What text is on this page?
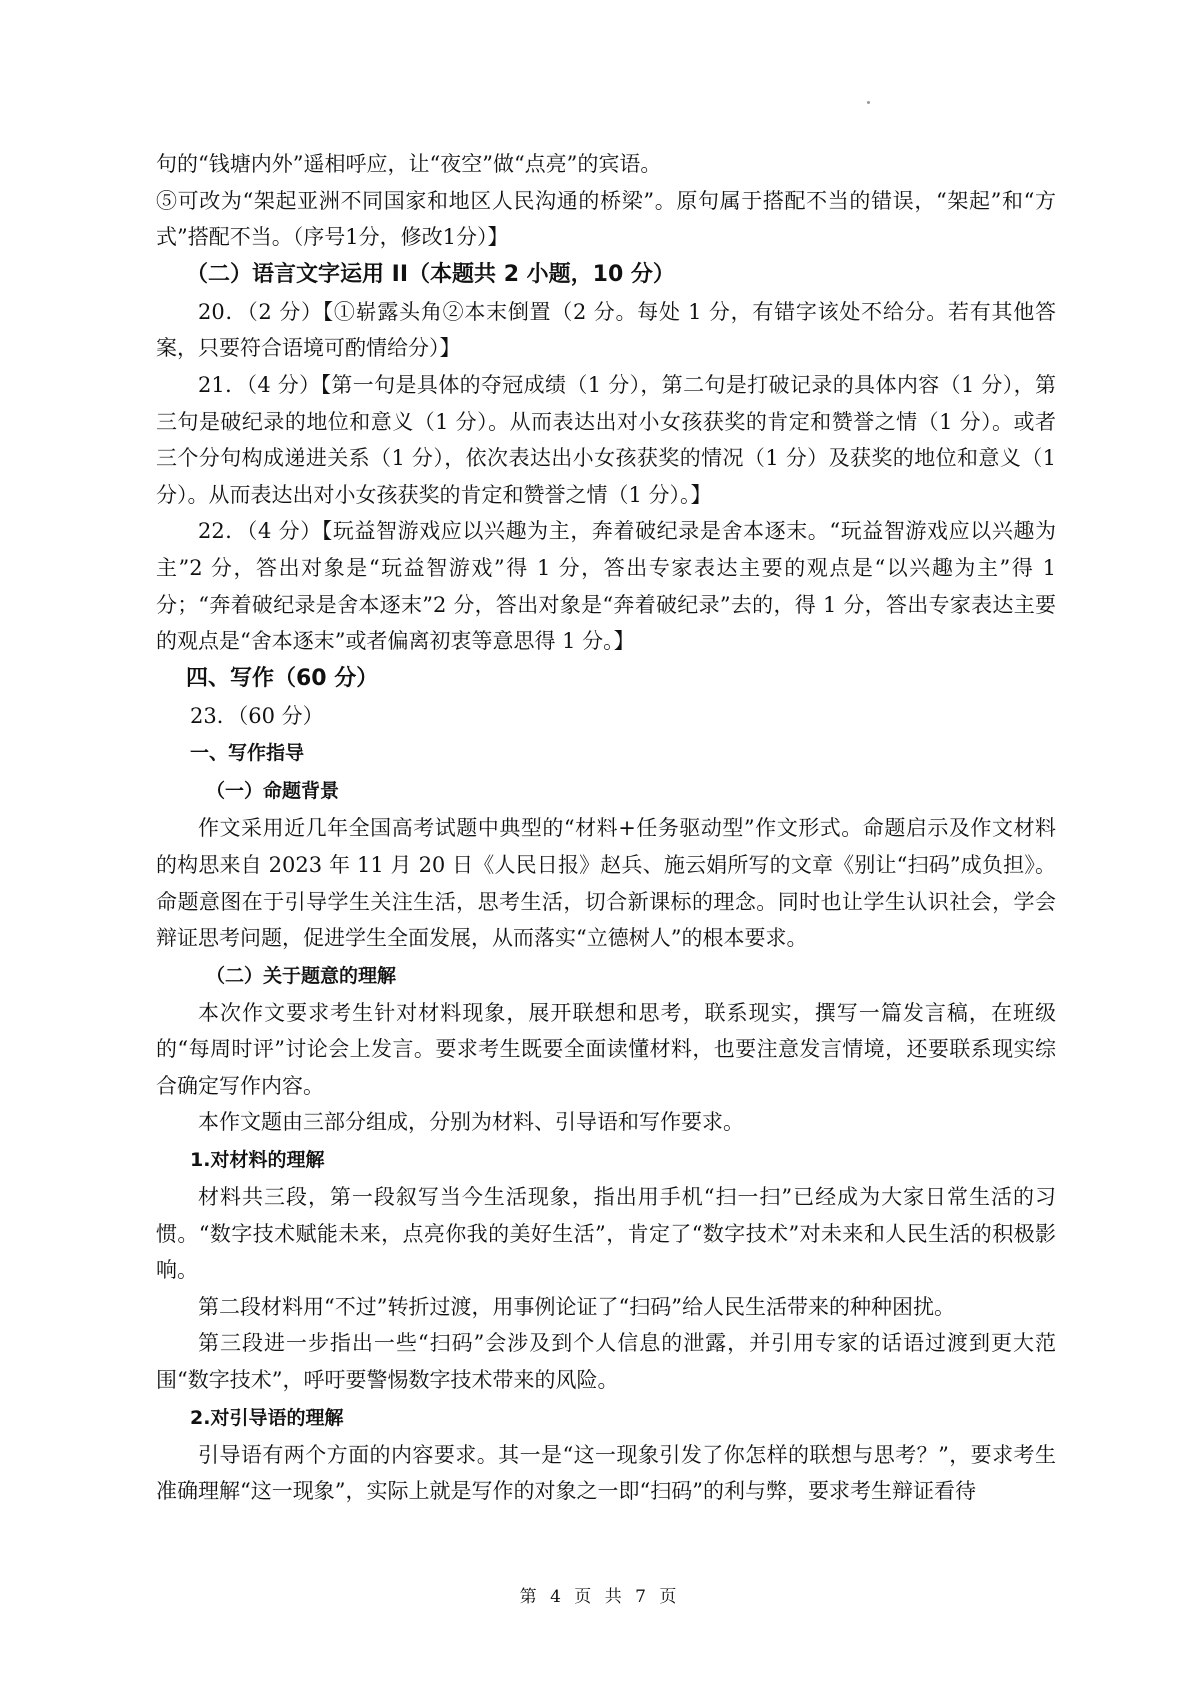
句的“钱塘内外”遥相呼应，让“夜空”做“点亮”的宾语。

⑤可改为“架起亚洲不同国家和地区人民沟通的桥梁”。原句属于搭配不当的错误，“架起”和“方式”搭配不当。（序号1分，修改1分）】

（二）语言文字运用 II（本题共 2 小题，10 分）

20．（2 分）【①崭露头角②本末倒置（2 分。每处 1 分，有错字该处不给分。若有其他答案，只要符合语境可酌情给分）】

21．（4 分）【第一句是具体的夺冠成绩（1 分），第二句是打破记录的具体内容（1 分），第三句是破纪录的地位和意义（1 分）。从而表达出对小女孩获奖的肯定和赞誉之情（1 分）。或者三个分句构成递进关系（1 分），依次表达出小女孩获奖的情况（1 分）及获奖的地位和意义（1 分）。从而表达出对小女孩获奖的肯定和赞誉之情（1 分）。】

22．（4 分）【玩益智游戏应以兴趣为主，奔着破纪录是舍本逐末。“玩益智游戏应以兴趣为主”2 分，答出对象是“玩益智游戏”得 1 分，答出专家表达主要的观点是“以兴趣为主”得 1 分；“奔着破纪录是舍本逐末”2 分，答出对象是“奔着破纪录”去的，得 1 分，答出专家表达主要的观点是“舍本逐末”或者偏离初衷等意思得 1 分。】

四、写作（60 分）

23．（60 分）

一、写作指导
（一）命题背景

作文采用近几年全国高考试题中典型的“材料+任务驱动型”作文形式。命题启示及作文材料的构思来自 2023 年 11 月 20 日《人民日报》赵兵、施云娟所写的文章《别让“扫码”成负担》。命题意图在于引导学生关注生活，思考生活，切合新课标的理念。同时也让学生认识社会，学会辩证思考问题，促进学生全面发展，从而落实“立德树人”的根本要求。

（二）关于题意的理解

本次作文要求考生针对材料现象，展开联想和思考，联系现实，撰写一篇发言稿，在班级的“每周时评”讨论会上发言。要求考生既要全面读懂材料，也要注意发言情境，还要联系现实综合确定写作内容。

本作文题由三部分组成，分别为材料、引导语和写作要求。

1.对材料的理解

材料共三段，第一段叙写当今生活现象，指出用手机“扫一扫”已经成为大家日常生活的习惯。“数字技术赋能未来，点亮你我的美好生活”，肯定了“数字技术”对未来和人民生活的积极影响。

第二段材料用“不过”转折过渡，用事例论证了“扫码”给人民生活带来的种种困扰。

第三段进一步指出一些“扫码”会涉及到个人信息的泄露，并引用专家的话语过渡到更大范围“数字技术”，呼吁要警惕数字技术带来的风险。

2.对引导语的理解

引导语有两个方面的内容要求。其一是“这一现象引发了你怎样的联想与思考？”，要求考生准确理解“这一现象”，实际上就是写作的对象之一即“扫码”的利与弊，要求考生辩证看待

第 4 页 共 7 页
